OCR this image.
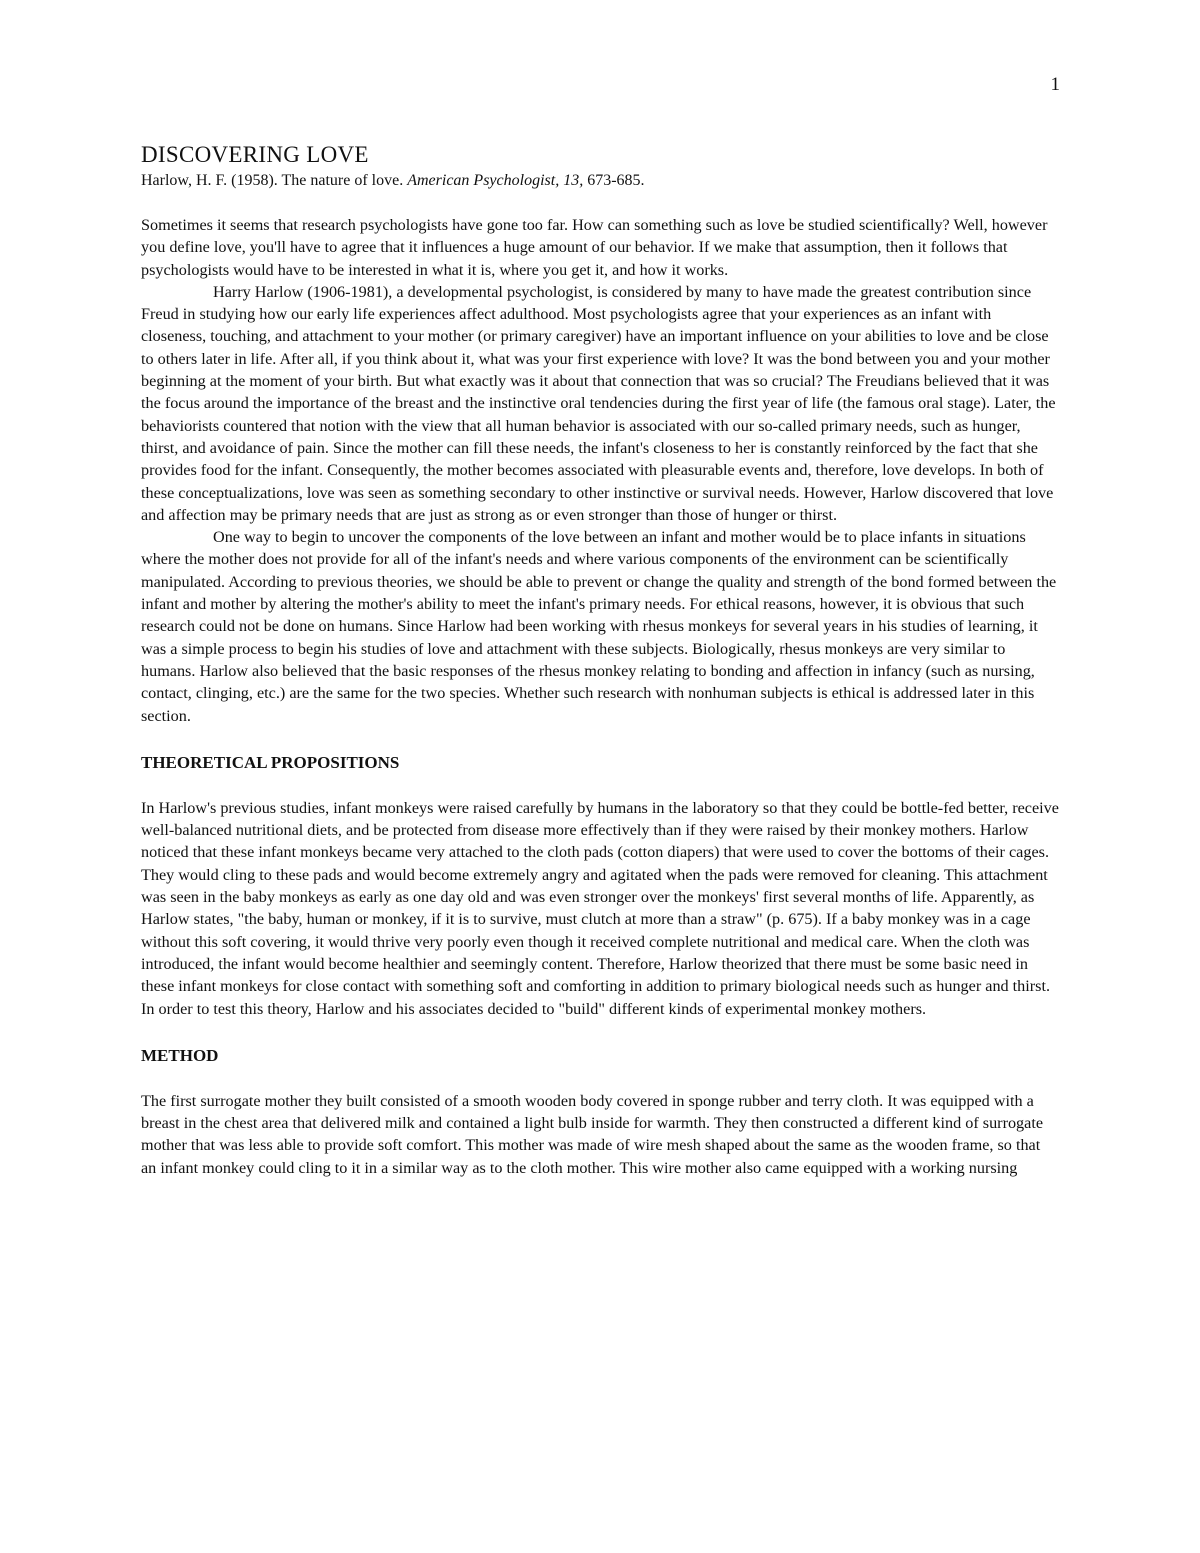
1
DISCOVERING LOVE
Harlow, H. F. (1958). The nature of love. American Psychologist, 13, 673-685.

Sometimes it seems that research psychologists have gone too far. How can something such as love be studied scientifically? Well, however you define love, you'll have to agree that it influences a huge amount of our behavior. If we make that assumption, then it follows that psychologists would have to be interested in what it is, where you get it, and how it works.

Harry Harlow (1906-1981), a developmental psychologist, is considered by many to have made the greatest contribution since Freud in studying how our early life experiences affect adulthood. Most psychologists agree that your experiences as an infant with closeness, touching, and attachment to your mother (or primary caregiver) have an important influence on your abilities to love and be close to others later in life. After all, if you think about it, what was your first experience with love? It was the bond between you and your mother beginning at the moment of your birth. But what exactly was it about that connection that was so crucial? The Freudians believed that it was the focus around the importance of the breast and the instinctive oral tendencies during the first year of life (the famous oral stage). Later, the behaviorists countered that notion with the view that all human behavior is associated with our so-called primary needs, such as hunger, thirst, and avoidance of pain. Since the mother can fill these needs, the infant's closeness to her is constantly reinforced by the fact that she provides food for the infant. Consequently, the mother becomes associated with pleasurable events and, therefore, love develops. In both of these conceptualizations, love was seen as something secondary to other instinctive or survival needs. However, Harlow discovered that love and affection may be primary needs that are just as strong as or even stronger than those of hunger or thirst.

One way to begin to uncover the components of the love between an infant and mother would be to place infants in situations where the mother does not provide for all of the infant's needs and where various components of the environment can be scientifically manipulated. According to previous theories, we should be able to prevent or change the quality and strength of the bond formed between the infant and mother by altering the mother's ability to meet the infant's primary needs. For ethical reasons, however, it is obvious that such research could not be done on humans. Since Harlow had been working with rhesus monkeys for several years in his studies of learning, it was a simple process to begin his studies of love and attachment with these subjects. Biologically, rhesus monkeys are very similar to humans. Harlow also believed that the basic responses of the rhesus monkey relating to bonding and affection in infancy (such as nursing, contact, clinging, etc.) are the same for the two species. Whether such research with nonhuman subjects is ethical is addressed later in this section.

THEORETICAL PROPOSITIONS

In Harlow's previous studies, infant monkeys were raised carefully by humans in the laboratory so that they could be bottle-fed better, receive well-balanced nutritional diets, and be protected from disease more effectively than if they were raised by their monkey mothers. Harlow noticed that these infant monkeys became very attached to the cloth pads (cotton diapers) that were used to cover the bottoms of their cages. They would cling to these pads and would become extremely angry and agitated when the pads were removed for cleaning. This attachment was seen in the baby monkeys as early as one day old and was even stronger over the monkeys' first several months of life. Apparently, as Harlow states, "the baby, human or monkey, if it is to survive, must clutch at more than a straw" (p. 675). If a baby monkey was in a cage without this soft covering, it would thrive very poorly even though it received complete nutritional and medical care. When the cloth was introduced, the infant would become healthier and seemingly content. Therefore, Harlow theorized that there must be some basic need in these infant monkeys for close contact with something soft and comforting in addition to primary biological needs such as hunger and thirst. In order to test this theory, Harlow and his associates decided to "build" different kinds of experimental monkey mothers.

METHOD

The first surrogate mother they built consisted of a smooth wooden body covered in sponge rubber and terry cloth. It was equipped with a breast in the chest area that delivered milk and contained a light bulb inside for warmth. They then constructed a different kind of surrogate mother that was less able to provide soft comfort. This mother was made of wire mesh shaped about the same as the wooden frame, so that an infant monkey could cling to it in a similar way as to the cloth mother. This wire mother also came equipped with a working nursing
